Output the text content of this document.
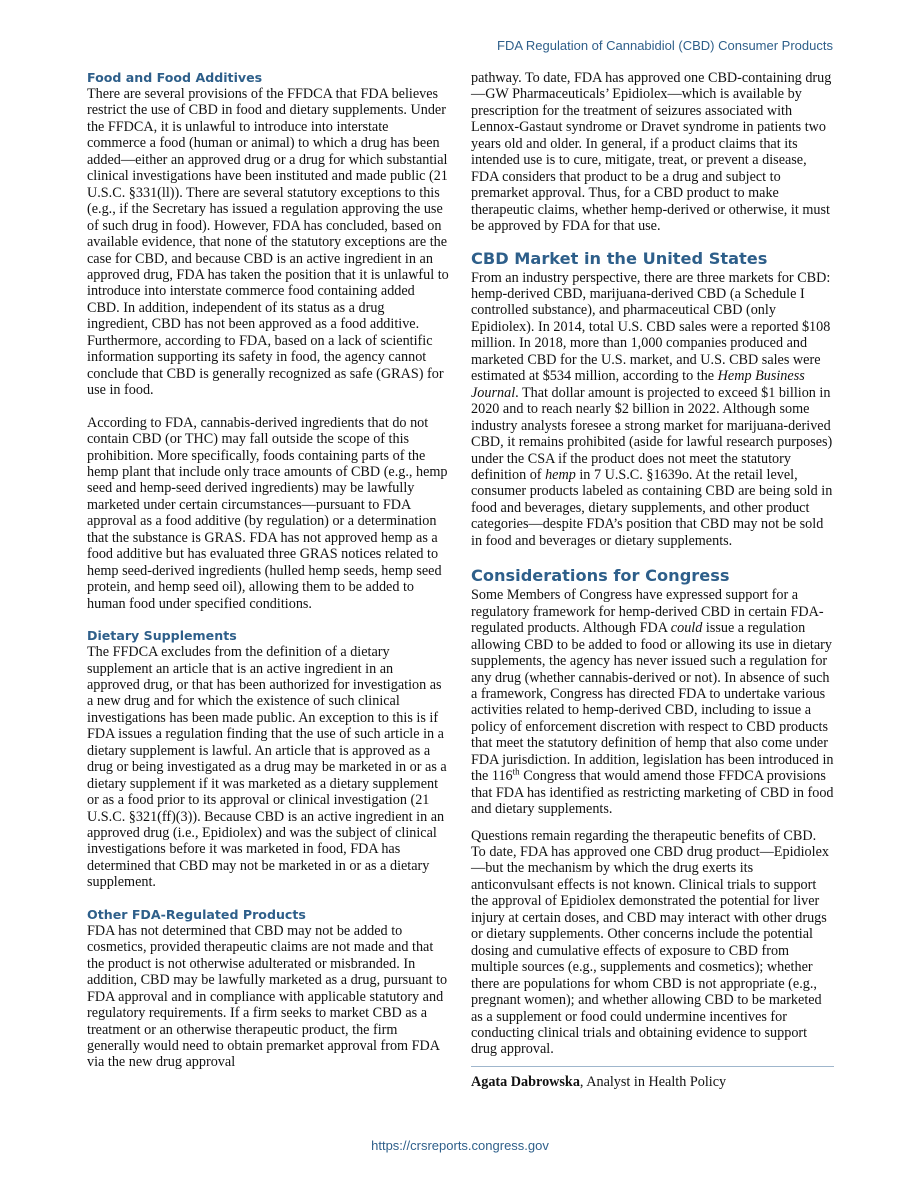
FDA Regulation of Cannabidiol (CBD) Consumer Products
Food and Food Additives

There are several provisions of the FFDCA that FDA believes restrict the use of CBD in food and dietary supplements. Under the FFDCA, it is unlawful to introduce into interstate commerce a food (human or animal) to which a drug has been added—either an approved drug or a drug for which substantial clinical investigations have been instituted and made public (21 U.S.C. §331(ll)). There are several statutory exceptions to this (e.g., if the Secretary has issued a regulation approving the use of such drug in food). However, FDA has concluded, based on available evidence, that none of the statutory exceptions are the case for CBD, and because CBD is an active ingredient in an approved drug, FDA has taken the position that it is unlawful to introduce into interstate commerce food containing added CBD. In addition, independent of its status as a drug ingredient, CBD has not been approved as a food additive. Furthermore, according to FDA, based on a lack of scientific information supporting its safety in food, the agency cannot conclude that CBD is generally recognized as safe (GRAS) for use in food.

According to FDA, cannabis-derived ingredients that do not contain CBD (or THC) may fall outside the scope of this prohibition. More specifically, foods containing parts of the hemp plant that include only trace amounts of CBD (e.g., hemp seed and hemp-seed derived ingredients) may be lawfully marketed under certain circumstances—pursuant to FDA approval as a food additive (by regulation) or a determination that the substance is GRAS. FDA has not approved hemp as a food additive but has evaluated three GRAS notices related to hemp seed-derived ingredients (hulled hemp seeds, hemp seed protein, and hemp seed oil), allowing them to be added to human food under specified conditions.

Dietary Supplements

The FFDCA excludes from the definition of a dietary supplement an article that is an active ingredient in an approved drug, or that has been authorized for investigation as a new drug and for which the existence of such clinical investigations has been made public. An exception to this is if FDA issues a regulation finding that the use of such article in a dietary supplement is lawful. An article that is approved as a drug or being investigated as a drug may be marketed in or as a dietary supplement if it was marketed as a dietary supplement or as a food prior to its approval or clinical investigation (21 U.S.C. §321(ff)(3)). Because CBD is an active ingredient in an approved drug (i.e., Epidiolex) and was the subject of clinical investigations before it was marketed in food, FDA has determined that CBD may not be marketed in or as a dietary supplement.

Other FDA-Regulated Products

FDA has not determined that CBD may not be added to cosmetics, provided therapeutic claims are not made and that the product is not otherwise adulterated or misbranded. In addition, CBD may be lawfully marketed as a drug, pursuant to FDA approval and in compliance with applicable statutory and regulatory requirements. If a firm seeks to market CBD as a treatment or an otherwise therapeutic product, the firm generally would need to obtain premarket approval from FDA via the new drug approval

pathway. To date, FDA has approved one CBD-containing drug—GW Pharmaceuticals’ Epidiolex—which is available by prescription for the treatment of seizures associated with Lennox-Gastaut syndrome or Dravet syndrome in patients two years old and older. In general, if a product claims that its intended use is to cure, mitigate, treat, or prevent a disease, FDA considers that product to be a drug and subject to premarket approval. Thus, for a CBD product to make therapeutic claims, whether hemp-derived or otherwise, it must be approved by FDA for that use.

CBD Market in the United States

From an industry perspective, there are three markets for CBD: hemp-derived CBD, marijuana-derived CBD (a Schedule I controlled substance), and pharmaceutical CBD (only Epidiolex). In 2014, total U.S. CBD sales were a reported $108 million. In 2018, more than 1,000 companies produced and marketed CBD for the U.S. market, and U.S. CBD sales were estimated at $534 million, according to the Hemp Business Journal. That dollar amount is projected to exceed $1 billion in 2020 and to reach nearly $2 billion in 2022. Although some industry analysts foresee a strong market for marijuana-derived CBD, it remains prohibited (aside for lawful research purposes) under the CSA if the product does not meet the statutory definition of hemp in 7 U.S.C. §1639o. At the retail level, consumer products labeled as containing CBD are being sold in food and beverages, dietary supplements, and other product categories—despite FDA’s position that CBD may not be sold in food and beverages or dietary supplements.

Considerations for Congress

Some Members of Congress have expressed support for a regulatory framework for hemp-derived CBD in certain FDA-regulated products. Although FDA could issue a regulation allowing CBD to be added to food or allowing its use in dietary supplements, the agency has never issued such a regulation for any drug (whether cannabis-derived or not). In absence of such a framework, Congress has directed FDA to undertake various activities related to hemp-derived CBD, including to issue a policy of enforcement discretion with respect to CBD products that meet the statutory definition of hemp that also come under FDA jurisdiction. In addition, legislation has been introduced in the 116th Congress that would amend those FFDCA provisions that FDA has identified as restricting marketing of CBD in food and dietary supplements.

Questions remain regarding the therapeutic benefits of CBD. To date, FDA has approved one CBD drug product—Epidiolex—but the mechanism by which the drug exerts its anticonvulsant effects is not known. Clinical trials to support the approval of Epidiolex demonstrated the potential for liver injury at certain doses, and CBD may interact with other drugs or dietary supplements. Other concerns include the potential dosing and cumulative effects of exposure to CBD from multiple sources (e.g., supplements and cosmetics); whether there are populations for whom CBD is not appropriate (e.g., pregnant women); and whether allowing CBD to be marketed as a supplement or food could undermine incentives for conducting clinical trials and obtaining evidence to support drug approval.

Agata Dabrowska, Analyst in Health Policy
https://crsreports.congress.gov
